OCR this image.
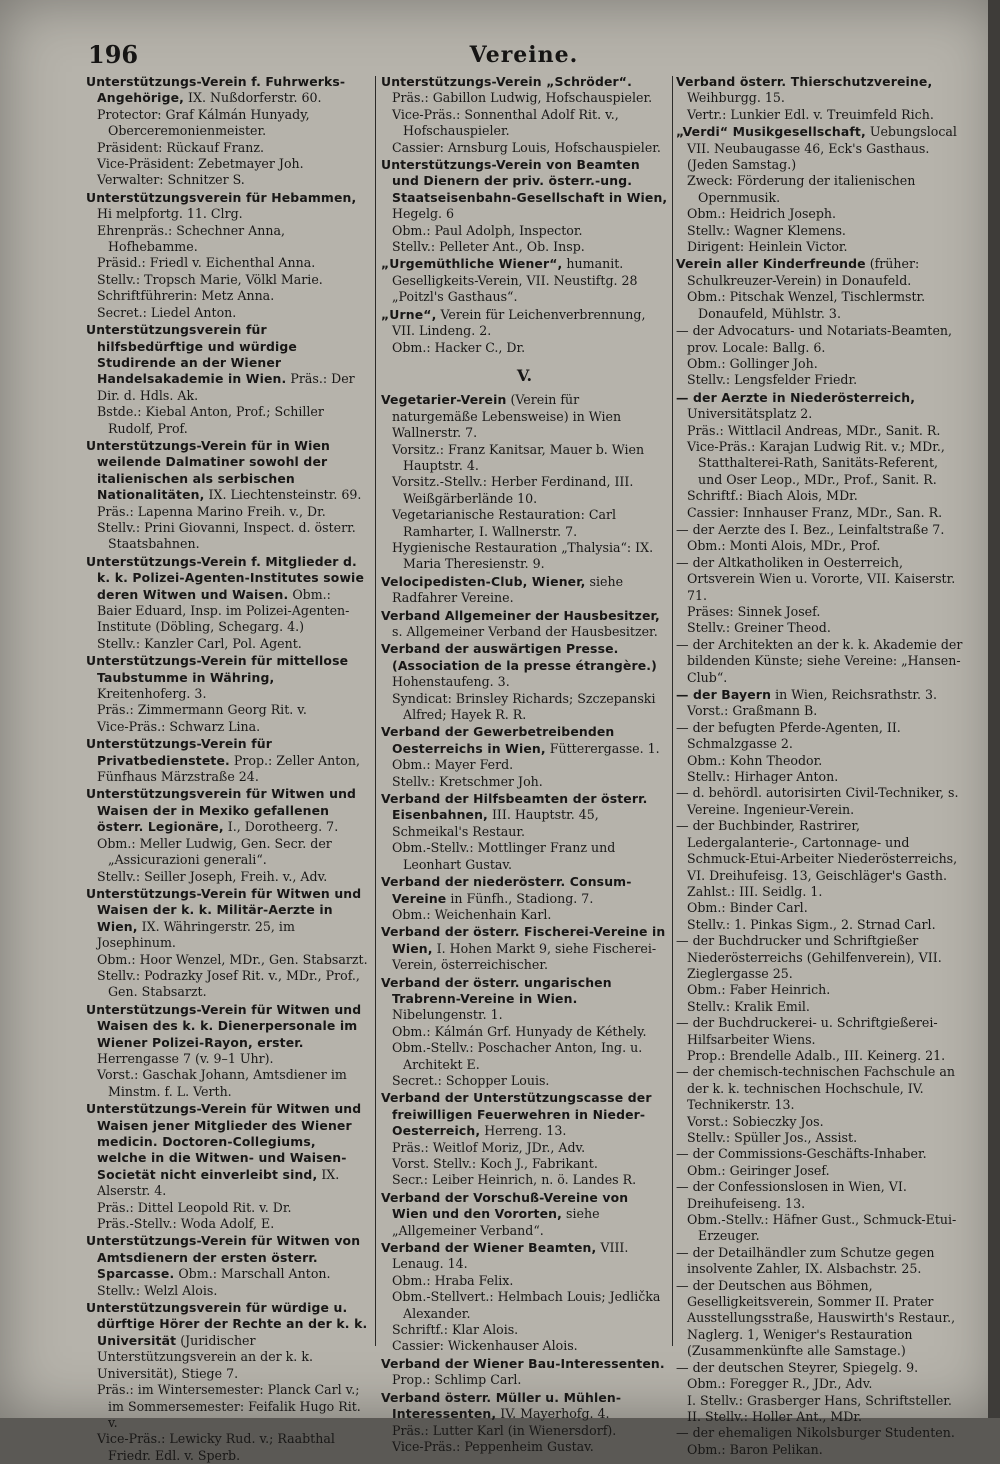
196	Vereine.
Unterstützungs-Verein f. Fuhrwerks-Angehörige, IX. Nußdorferstr. 60.
Protector: Graf Kálmán Hunyady, Oberceremonienmeister.
Präsident: Rückauf Franz.
Vice-Präsident: Zebetmayer Joh.
Verwalter: Schnitzer S.
Unterstützungsverein für Hebammen, Hi melpfortg. 11. Clrg.
Ehrenpräs.: Schechner Anna, Hofhebamme.
Präsid.: Friedl v. Eichenthal Anna.
Stellv.: Tropsch Marie, Völkl Marie.
Schriftführerin: Metz Anna.
Secret.: Liedel Anton.
Unterstützungsverein für hilfsbedürftige und würdige Studirende an der Wiener Handelsakademie in Wien. Präs.: Der Dir. d. Hdls. Ak.
Bstde.: Kiebal Anton, Prof.; Schiller Rudolf, Prof.
Unterstützungs-Verein für in Wien weilende Dalmatiner sowohl der italienischen als serbischen Nationalitäten, IX. Liechtensteinstr. 69.
Präs.: Lapenna Marino Freih. v., Dr.
Stellv.: Prini Giovanni, Inspect. d. österr. Staatsbahnen.
Unterstützungs-Verein f. Mitglieder d. k. k. Polizei-Agenten-Institutes sowie deren Witwen und Waisen. Obm.: Baier Eduard, Insp. im Polizei-Agenten-Institute (Döbling, Schegarg. 4.)
Stellv.: Kanzler Carl, Pol. Agent.
Unterstützungs-Verein für mittellose Taubstumme in Währing, Kreitenhoferg. 3.
Präs.: Zimmermann Georg Rit. v.
Vice-Präs.: Schwarz Lina.
Unterstützungs-Verein für Privatbedienstete. Prop.: Zeller Anton, Fünfhaus Märzstraße 24.
Unterstützungsverein für Witwen und Waisen der in Mexiko gefallenen österr. Legionäre, I., Dorotheerg. 7.
Obm.: Meller Ludwig, Gen. Secr. der „Assicurazioni generali“.
Stellv.: Seiller Joseph, Freih. v., Adv.
Unterstützungs-Verein für Witwen und Waisen der k. k. Militär-Aerzte in Wien, IX. Währingerstr. 25, im Josephinum.
Obm.: Hoor Wenzel, MDr., Gen. Stabsarzt.
Stellv.: Podrazky Josef Rit. v., MDr., Prof., Gen. Stabsarzt.
Unterstützungs-Verein für Witwen und Waisen des k. k. Dienerpersonale im Wiener Polizei-Rayon, erster. Herrengasse 7 (v. 9–1 Uhr).
Vorst.: Gaschak Johann, Amtsdiener im Minstm. f. L. Verth.
Unterstützungs-Verein für Witwen und Waisen jener Mitglieder des Wiener medicin. Doctoren-Collegiums, welche in die Witwen- und Waisen-Societät nicht einverleibt sind, IX. Alserstr. 4.
Präs.: Dittel Leopold Rit. v. Dr.
Präs.-Stellv.: Woda Adolf, E.
Unterstützungs-Verein für Witwen von Amtsdienern der ersten österr. Sparcasse. Obm.: Marschall Anton.
Stellv.: Welzl Alois.
Unterstützungsverein für würdige u. dürftige Hörer der Rechte an der k. k. Universität (Juridischer Unterstützungsverein an der k. k. Universität), Stiege 7.
Präs.: im Wintersemester: Planck Carl v.; im Sommersemester: Feifalik Hugo Rit. v.
Vice-Präs.: Lewicky Rud. v.; Raabthal Friedr. Edl. v. Sperb.
Unterstützungs-Verein „Schröder“. Präs.: Gabillon Ludwig, Hofschauspieler.
Vice-Präs.: Sonnenthal Adolf Rit. v., Hofschauspieler.
Cassier: Arnsburg Louis, Hofschauspieler.
Unterstützungs-Verein von Beamten und Dienern der priv. österr.-ung. Staatseisenbahn-Gesellschaft in Wien, Hegelg. 6
Obm.: Paul Adolph, Inspector.
Stellv.: Pelleter Ant., Ob. Insp.
„Urgemüthliche Wiener“, humanit. Geselligkeits-Verein, VII. Neustiftg. 28 „Poitzl's Gasthaus“.
„Urne“, Verein für Leichenverbrennung, VII. Lindeng. 2.
Obm.: Hacker C., Dr.
V.
Vegetarier-Verein (Verein für naturgemäße Lebensweise) in Wien Wallnerstr. 7.
Vorsitz.: Franz Kanitsar, Mauer b. Wien Hauptstr. 4.
Vorsitz.-Stellv.: Herber Ferdinand, III. Weißgärberlände 10.
Vegetarianische Restauration: Carl Ramharter, I. Wallnerstr. 7.
Hygienische Restauration „Thalysia“: IX. Maria Theresienstr. 9.
Velocipedisten-Club, Wiener, siehe Radfahrer Vereine.
Verband Allgemeiner der Hausbesitzer, s. Allgemeiner Verband der Hausbesitzer.
Verband der auswärtigen Presse. (Association de la presse étrangère.) Hohenstaufeng. 3.
Syndicat: Brinsley Richards; Szczepanski Alfred; Hayek R. R.
Verband der Gewerbetreibenden Oesterreichs in Wien, Fütterergasse. 1.
Obm.: Mayer Ferd.
Stellv.: Kretschmer Joh.
Verband der Hilfsbeamten der österr. Eisenbahnen, III. Hauptstr. 45, Schmeikal's Restaur.
Obm.-Stellv.: Mottlinger Franz und Leonhart Gustav.
Verband der niederösterr. Consum-Vereine in Fünfh., Stadiong. 7.
Obm.: Weichenhain Karl.
Verband der österr. Fischerei-Vereine in Wien, I. Hohen Markt 9, siehe Fischerei-Verein, österreichischer.
Verband der österr. ungarischen Trabrenn-Vereine in Wien. Nibelungenstr. 1.
Obm.: Kálmán Grf. Hunyady de Kéthely.
Obm.-Stellv.: Poschacher Anton, Ing. u. Architekt E.
Secret.: Schopper Louis.
Verband der Unterstützungscasse der freiwilligen Feuerwehren in Nieder-Oesterreich, Herreng. 13.
Präs.: Weitlof Moriz, JDr., Adv.
Vorst. Stellv.: Koch J., Fabrikant.
Secr.: Leiber Heinrich, n. ö. Landes R.
Verband der Vorschuß-Vereine von Wien und den Vororten, siehe „Allgemeiner Verband“.
Verband der Wiener Beamten, VIII. Lenaug. 14.
Obm.: Hraba Felix.
Obm.-Stellvert.: Helmbach Louis; Jedlička Alexander.
Schriftf.: Klar Alois.
Cassier: Wickenhauser Alois.
Verband der Wiener Bau-Interessenten. Prop.: Schlimp Carl.
Verband österr. Müller u. Mühlen-Interessenten, IV. Mayerhofg. 4.
Präs.: Lutter Karl (in Wienersdorf).
Vice-Präs.: Peppenheim Gustav.
Verband österr. Thierschutzvereine, Weihburgg. 15.
Vertr.: Lunkier Edl. v. Treuimfeld Rich.
„Verdi“ Musikgesellschaft, Uebungslocal VII. Neubaugasse 46, Eck's Gasthaus. (Jeden Samstag.)
Zweck: Förderung der italienischen Opernmusik.
Obm.: Heidrich Joseph.
Stellv.: Wagner Klemens.
Dirigent: Heinlein Victor.
Verein aller Kinderfreunde (früher: Schulkreuzer-Verein) in Donaufeld.
Obm.: Pitschak Wenzel, Tischlermstr. Donaufeld, Mühlstr. 3.
— der Advocaturs- und Notariats-Beamten, prov. Locale: Ballg. 6.
Obm.: Gollinger Joh.
Stellv.: Lengsfelder Friedr.
— der Aerzte in Niederösterreich, Universitätsplatz 2.
Präs.: Wittlacil Andreas, MDr., Sanit. R.
Vice-Präs.: Karajan Ludwig Rit. v.; MDr., Statthalterei-Rath, Sanitäts-Referent, und Oser Leop., MDr., Prof., Sanit. R.
Schriftf.: Biach Alois, MDr.
Cassier: Innhauser Franz, MDr., San. R.
— der Aerzte des I. Bez., Leinfaltstraße 7.
Obm.: Monti Alois, MDr., Prof.
— der Altkatholiken in Oesterreich, Ortsverein Wien u. Vororte, VII. Kaiserstr. 71.
Präses: Sinnek Josef.
Stellv.: Greiner Theod.
— der Architekten an der k. k. Akademie der bildenden Künste; siehe Vereine: „Hansen-Club“.
— der Bayern in Wien, Reichsrathstr. 3.
Vorst.: Graßmann B.
— der befugten Pferde-Agenten, II. Schmalzgasse 2.
Obm.: Kohn Theodor.
Stellv.: Hirhager Anton.
— d. behördl. autorisirten Civil-Techniker, s. Vereine. Ingenieur-Verein.
— der Buchbinder, Rastrirer, Ledergalanterie-, Cartonnage- und Schmuck-Etui-Arbeiter Niederösterreichs, VI. Dreihufeisg. 13, Geischläger's Gasth. Zahlst.: III. Seidlg. 1.
Obm.: Binder Carl.
Stellv.: 1. Pinkas Sigm., 2. Strnad Carl.
— der Buchdrucker und Schriftgießer Niederösterreichs (Gehilfenverein), VII. Zieglergasse 25.
Obm.: Faber Heinrich.
Stellv.: Kralik Emil.
— der Buchdruckerei- u. Schriftgießerei-Hilfsarbeiter Wiens.
Prop.: Brendelle Adalb., III. Keinerg. 21.
— der chemisch-technischen Fachschule an der k. k. technischen Hochschule, IV. Technikerstr. 13.
Vorst.: Sobieczky Jos.
Stellv.: Spüller Jos., Assist.
— der Commissions-Geschäfts-Inhaber.
Obm.: Geiringer Josef.
— der Confessionslosen in Wien, VI. Dreihufeiseng. 13.
Obm.-Stellv.: Häfner Gust., Schmuck-Etui-Erzeuger.
— der Detailhändler zum Schutze gegen insolvente Zahler, IX. Alsbachstr. 25.
— der Deutschen aus Böhmen, Geselligkeitsverein, Sommer II. Prater Ausstellungsstraße, Hauswirth's Restaur., Naglerg. 1, Weniger's Restauration (Zusammenkünfte alle Samstage.)
— der deutschen Steyrer, Spiegelg. 9.
Obm.: Foregger R., JDr., Adv.
I. Stellv.: Grasberger Hans, Schriftsteller.
II. Stellv.: Holler Ant., MDr.
— der ehemaligen Nikolsburger Studenten.
Obm.: Baron Pelikan.
